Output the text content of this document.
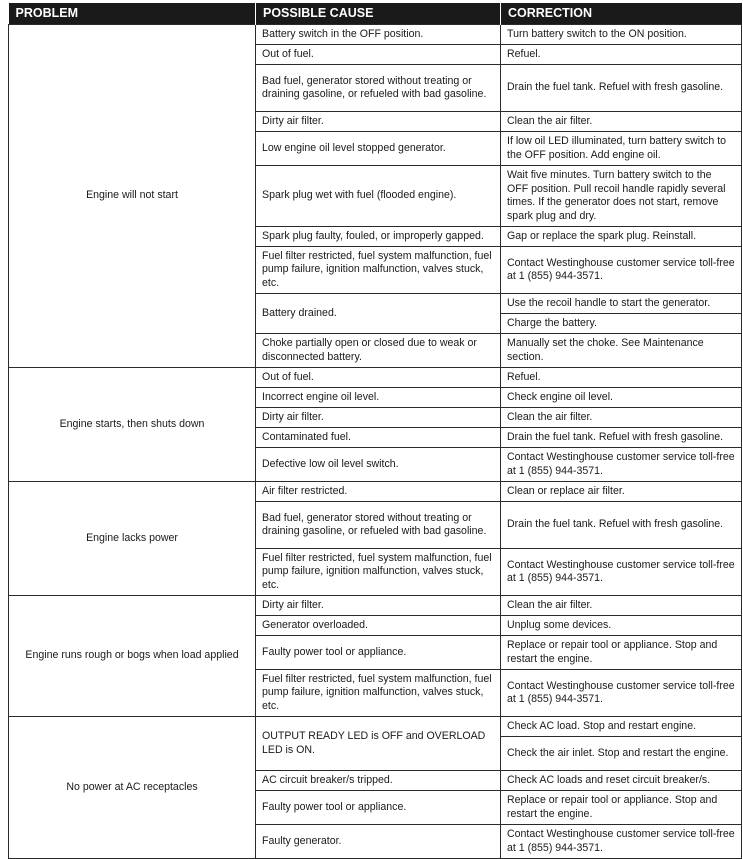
PROBLEM	POSSIBLE CAUSE	CORRECTION
Engine will not start	Battery switch in the OFF position.	Turn battery switch to the ON position.
	Out of fuel.	Refuel.
	Bad fuel, generator stored without treating or draining gasoline, or refueled with bad gasoline.	Drain the fuel tank. Refuel with fresh gasoline.
	Dirty air filter.	Clean the air filter.
	Low engine oil level stopped generator.	If low oil LED illuminated, turn battery switch to the OFF position. Add engine oil.
	Spark plug wet with fuel (flooded engine).	Wait five minutes. Turn battery switch to the OFF position. Pull recoil handle rapidly several times. If the generator does not start, remove spark plug and dry.
	Spark plug faulty, fouled, or improperly gapped.	Gap or replace the spark plug. Reinstall.
	Fuel filter restricted, fuel system malfunction, fuel pump failure, ignition malfunction, valves stuck, etc.	Contact Westinghouse customer service toll-free at 1 (855) 944-3571.
	Battery drained.	Use the recoil handle to start the generator.
		Charge the battery.
	Choke partially open or closed due to weak or disconnected battery.	Manually set the choke. See Maintenance section.
Engine starts, then shuts down	Out of fuel.	Refuel.
	Incorrect engine oil level.	Check engine oil level.
	Dirty air filter.	Clean the air filter.
	Contaminated fuel.	Drain the fuel tank. Refuel with fresh gasoline.
	Defective low oil level switch.	Contact Westinghouse customer service toll-free at 1 (855) 944-3571.
Engine lacks power	Air filter restricted.	Clean or replace air filter.
	Bad fuel, generator stored without treating or draining gasoline, or refueled with bad gasoline.	Drain the fuel tank. Refuel with fresh gasoline.
	Fuel filter restricted, fuel system malfunction, fuel pump failure, ignition malfunction, valves stuck, etc.	Contact Westinghouse customer service toll-free at 1 (855) 944-3571.
Engine runs rough or bogs when load applied	Dirty air filter.	Clean the air filter.
	Generator overloaded.	Unplug some devices.
	Faulty power tool or appliance.	Replace or repair tool or appliance. Stop and restart the engine.
	Fuel filter restricted, fuel system malfunction, fuel pump failure, ignition malfunction, valves stuck, etc.	Contact Westinghouse customer service toll-free at 1 (855) 944-3571.
No power at AC receptacles	OUTPUT READY LED is OFF and OVERLOAD LED is ON.	Check AC load. Stop and restart engine.
		Check the air inlet. Stop and restart the engine.
	AC circuit breaker/s tripped.	Check AC loads and reset circuit breaker/s.
	Faulty power tool or appliance.	Replace or repair tool or appliance. Stop and restart the engine.
	Faulty generator.	Contact Westinghouse customer service toll-free at 1 (855) 944-3571.
